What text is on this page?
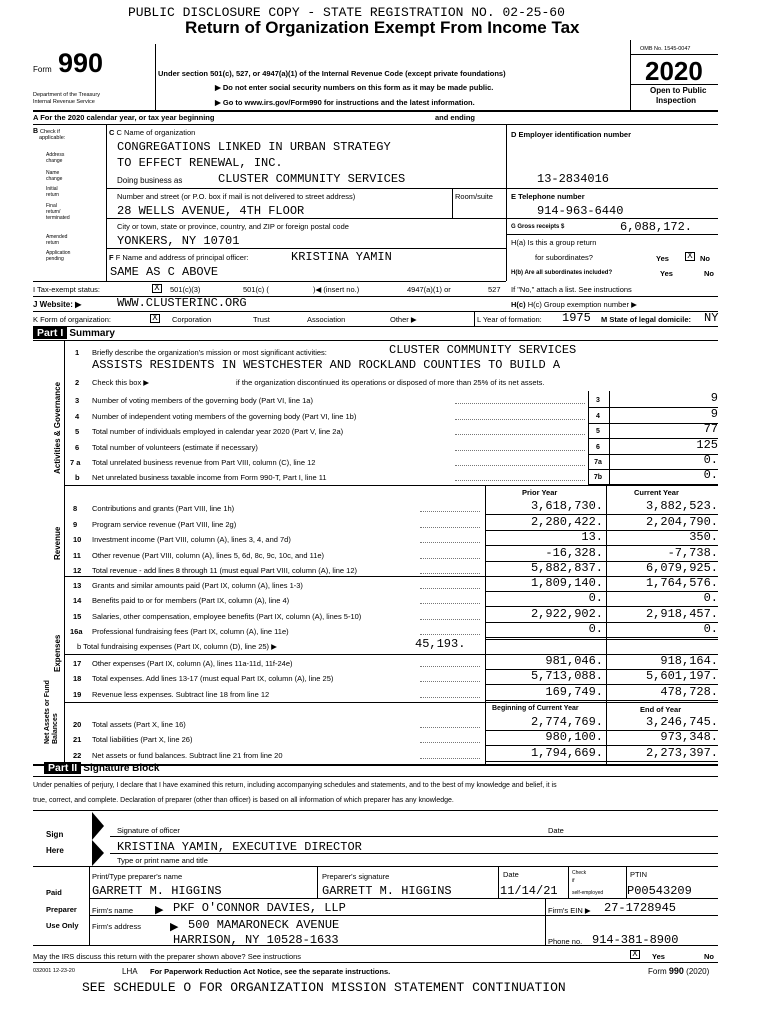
PUBLIC DISCLOSURE COPY - STATE REGISTRATION NO. 02-25-60
Form 990
Return of Organization Exempt From Income Tax
Under section 501(c), 527, or 4947(a)(1) of the Internal Revenue Code (except private foundations)
▶ Do not enter social security numbers on this form as it may be made public.
▶ Go to www.irs.gov/Form990 for instructions and the latest information.
Department of the Treasury
Internal Revenue Service
OMB No. 1545-0047
2020
Open to Public
Inspection
A For the 2020 calendar year, or tax year beginning	and ending
B Check if
applicable:
Address change
Name change
Initial return
Final return/ terminated
Amended return
Application pending
C C Name of organization
CONGREGATIONS LINKED IN URBAN STRATEGY
TO EFFECT RENEWAL, INC.
Doing business as	CLUSTER COMMUNITY SERVICES
Number and street (or P.O. box if mail is not delivered to street address)	Room/suite
28 WELLS AVENUE, 4TH FLOOR
City or town, state or province, country, and ZIP or foreign postal code
YONKERS, NY 10701
F F Name and address of principal officer:	KRISTINA YAMIN
SAME AS C ABOVE
D Employer identification number
13-2834016
E Telephone number
914-963-6440
G Gross receipts $	6,088,172.
H(a) Is this a group return
for subordinates?	Yes X No
H(b) Are all subordinates included?	Yes	No
I Tax-exempt status:	X	501(c)(3)	501(c) (	)◀ (insert no.)	4947(a)(1) or	527 If "No," attach a list. See instructions
J Website: ▶	WWW.CLUSTERINC.ORG	H(c) H(c) Group exemption number ▶
K Form of organization:	X	Corporation	Trust	Association	Other ▶	L Year of formation: 1975 M State of legal domicile: NY
Part I Summary
Activities & Governance
Revenue
Expenses
Net Assets or Fund Balances
1 Briefly describe the organization's mission or most significant activities:	CLUSTER COMMUNITY SERVICES
ASSISTS RESIDENTS IN WESTCHESTER AND ROCKLAND COUNTIES TO BUILD A
2 Check this box ▶	if the organization discontinued its operations or disposed of more than 25% of its net assets.
3 Number of voting members of the governing body (Part VI, line 1a)	3	9
4 Number of independent voting members of the governing body (Part VI, line 1b)	4	9
5 Total number of individuals employed in calendar year 2020 (Part V, line 2a)	5	77
6 Total number of volunteers (estimate if necessary)	6	125
7 a Total unrelated business revenue from Part VIII, column (C), line 12	7a	0.
b Net unrelated business taxable income from Form 990-T, Part I, line 11	7b	0.
Prior Year	Current Year
8 Contributions and grants (Part VIII, line 1h)	3,618,730.	3,882,523.
9 Program service revenue (Part VIII, line 2g)	2,280,422.	2,204,790.
10 Investment income (Part VIII, column (A), lines 3, 4, and 7d)	13.	350.
11 Other revenue (Part VIII, column (A), lines 5, 6d, 8c, 9c, 10c, and 11e)	-16,328.	-7,738.
12 Total revenue - add lines 8 through 11 (must equal Part VIII, column (A), line 12)	5,882,837.	6,079,925.
13 Grants and similar amounts paid (Part IX, column (A), lines 1-3)	1,809,140.	1,764,576.
14 Benefits paid to or for members (Part IX, column (A), line 4)	0.	0.
15 Salaries, other compensation, employee benefits (Part IX, column (A), lines 5-10)	2,922,902.	2,918,457.
16a Professional fundraising fees (Part IX, column (A), line 11e)	0.	0.
b Total fundraising expenses (Part IX, column (D), line 25) ▶	45,193.
17 Other expenses (Part IX, column (A), lines 11a-11d, 11f-24e)	981,046.	918,164.
18 Total expenses. Add lines 13-17 (must equal Part IX, column (A), line 25)	5,713,088.	5,601,197.
19 Revenue less expenses. Subtract line 18 from line 12	169,749.	478,728.
Beginning of Current Year	End of Year
20 Total assets (Part X, line 16)	2,774,769.	3,246,745.
21 Total liabilities (Part X, line 26)	980,100.	973,348.
22 Net assets or fund balances. Subtract line 21 from line 20	1,794,669.	2,273,397.
Part II Signature Block
Under penalties of perjury, I declare that I have examined this return, including accompanying schedules and statements, and to the best of my knowledge and belief, it is
true, correct, and complete. Declaration of preparer (other than officer) is based on all information of which preparer has any knowledge.
Sign
Here
Signature of officer	Date
KRISTINA YAMIN, EXECUTIVE DIRECTOR
Type or print name and title
Paid
Preparer
Use Only
Print/Type preparer's name	Preparer's signature	Date	Check
if
self-employed
PTIN
GARRETT M. HIGGINS	GARRETT M. HIGGINS	11/14/21	P00543209
Firm's name ▶ PKF O'CONNOR DAVIES, LLP	Firm's EIN ▶ 27-1728945
Firm's address	▶ 500 MAMARONECK AVENUE
HARRISON, NY 10528-1633	Phone no. 914-381-8900
May the IRS discuss this return with the preparer shown above? See instructions	X	Yes	No
032001 12-23-20	LHA For Paperwork Reduction Act Notice, see the separate instructions.	Form 990 (2020)
SEE SCHEDULE O FOR ORGANIZATION MISSION STATEMENT CONTINUATION
